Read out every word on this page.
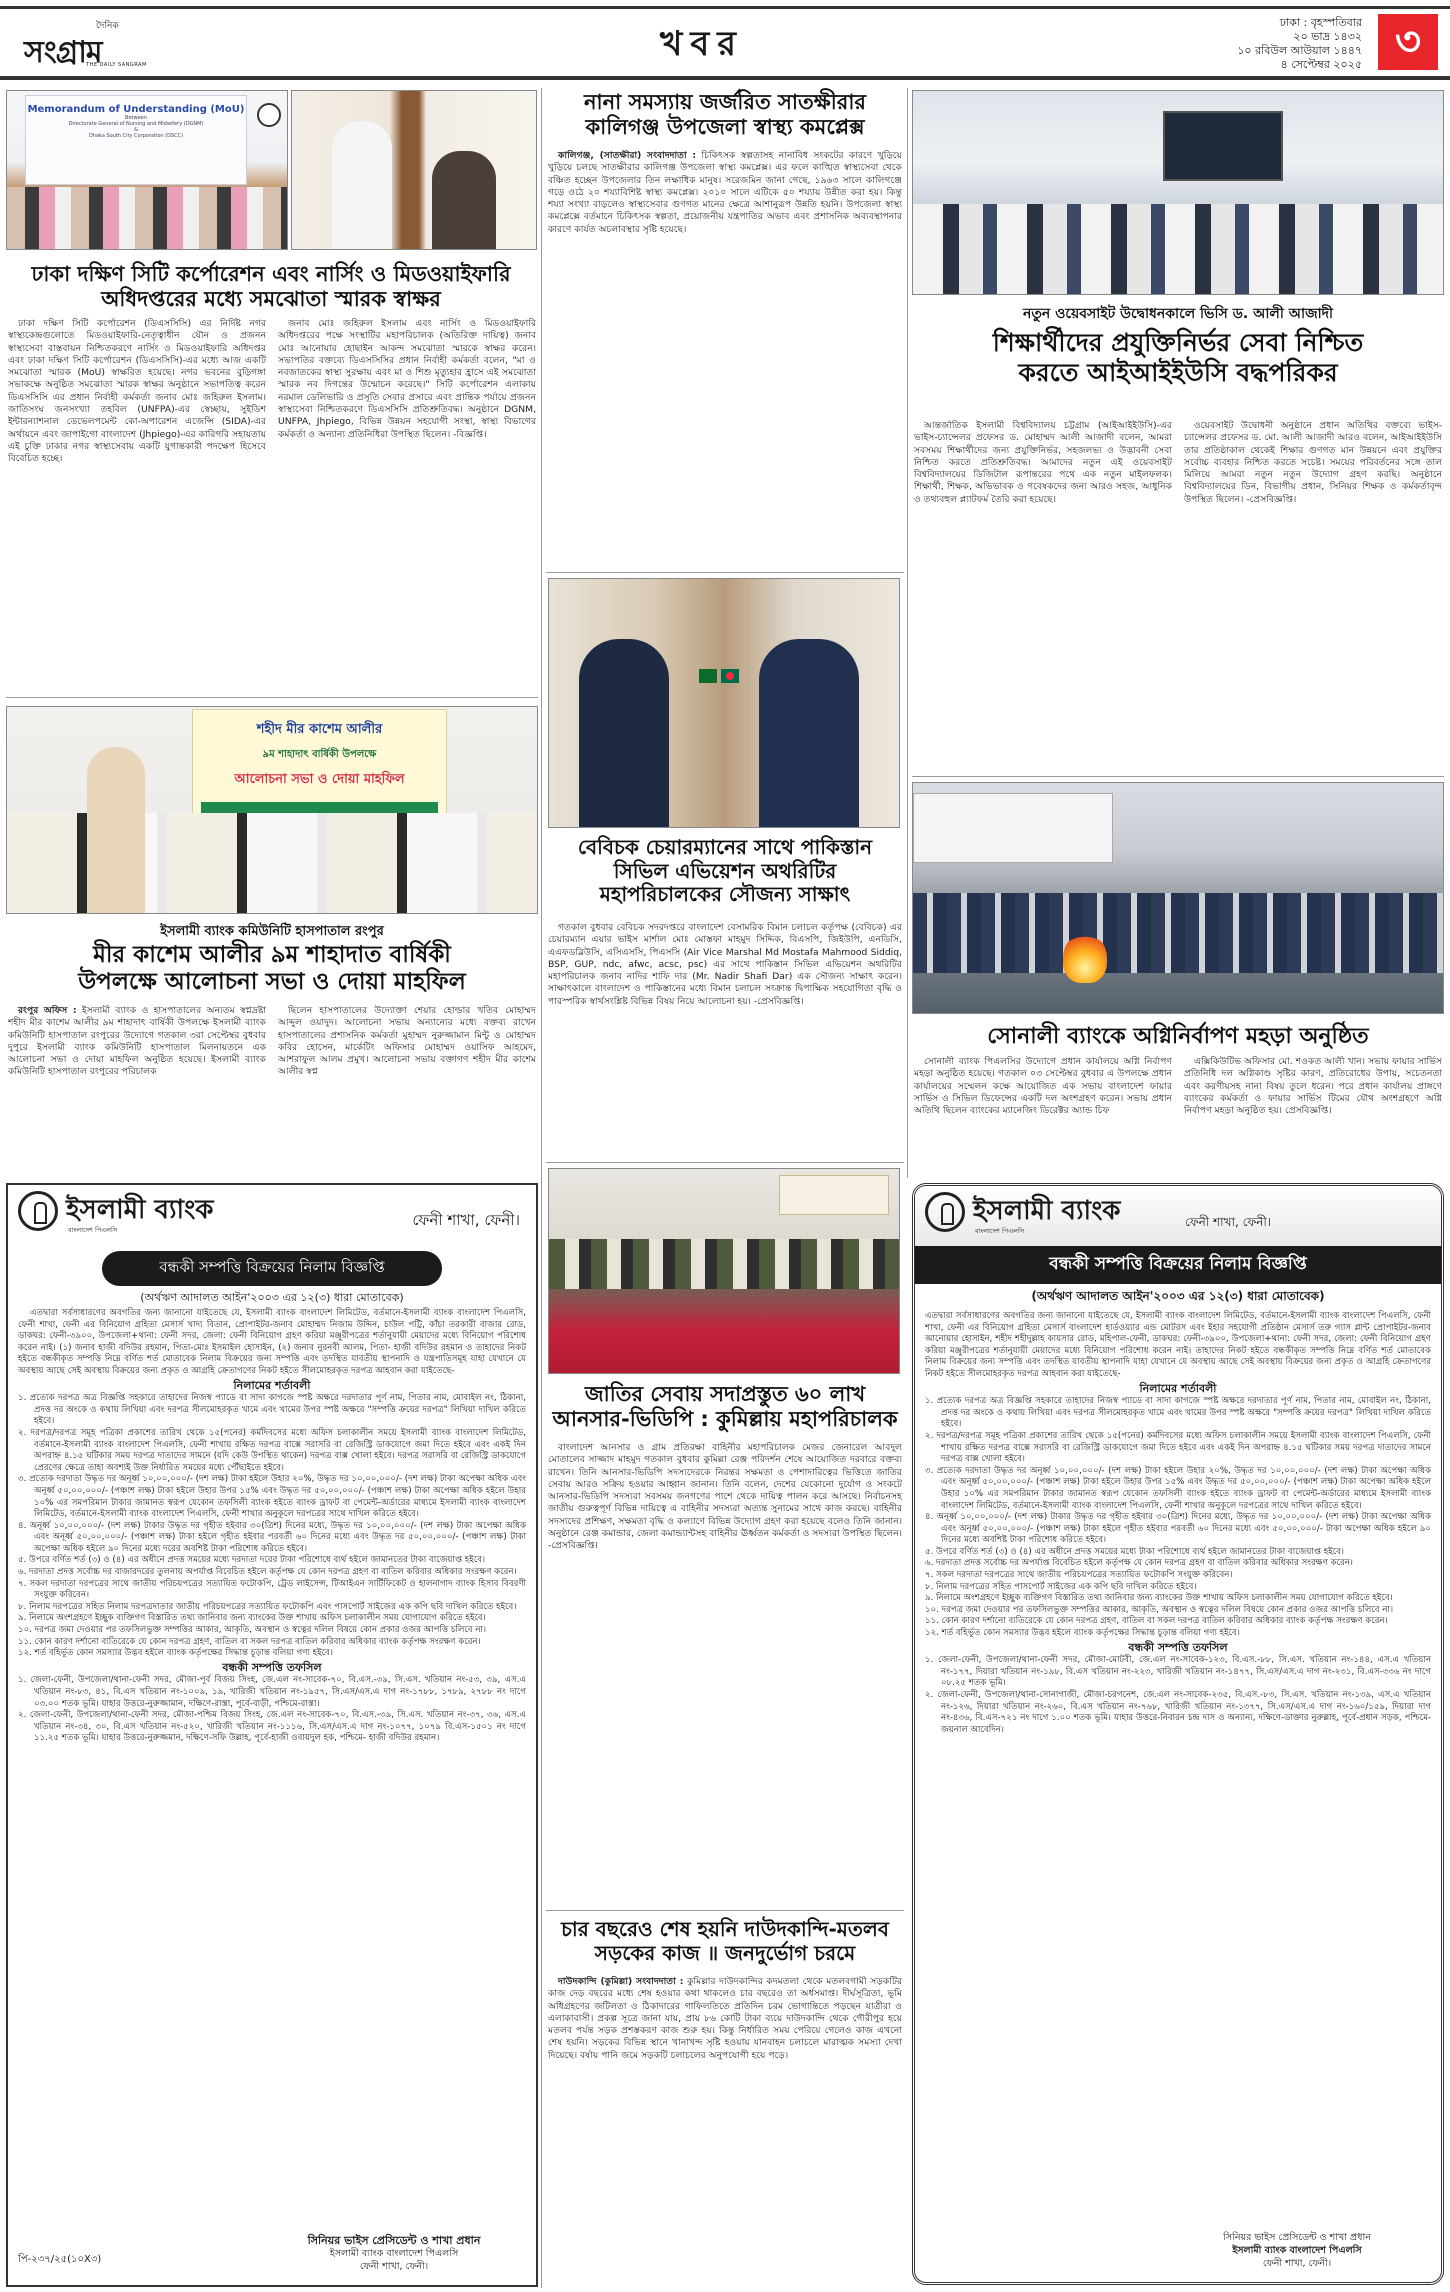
দৈনিক
সংগ্রাম
THE DAILY SANGRAM
খবর
ঢাকা : বৃহস্পতিবার
২০ ভাদ্র ১৪৩২
১০ রবিউল আউয়াল ১৪৪৭
৪ সেপ্টেম্বর ২০২৫ ৩
Memorandum of Understanding (MoU)
Between
Directorate General of Nursing and Midwifery (DGNM)
&
Dhaka South City Corporation (DSCC)
ঢাকা দক্ষিণ সিটি কর্পোরেশন এবং নার্সিং ও মিডওয়াইফারি
অধিদপ্তরের মধ্যে সমঝোতা স্মারক স্বাক্ষর

ঢাকা দক্ষিণ সিটি কর্পোরেশন (ডিএসসিসি) এর নির্দিষ্ট নগর স্বাস্থ্যকেন্দ্রগুলোতে মিডওয়াইফারি-নেতৃত্বাধীন যৌন ও প্রজনন স্বাস্থ্যসেবা বাস্তবায়ন নিশ্চিতকরণে নার্সিং ও মিডওয়াইফারি অধিদপ্তর এবং ঢাকা দক্ষিণ সিটি কর্পোরেশন (ডিএসসিসি)-এর মধ্যে আজ একটি সমঝোতা স্মারক (MoU) স্বাক্ষরিত হয়েছে। নগর ভবনের বুড়িগঙ্গা সভাকক্ষে অনুষ্ঠিত সমঝোতা স্মারক স্বাক্ষর অনুষ্ঠানে সভাপতিত্ব করেন ডিএসসিসি এর প্রধান নির্বাহী কর্মকর্তা জনাব মোঃ জহিরুল ইসলাম। জাতিসংঘ জনসংখ্যা তহবিল (UNFPA)-এর স্বেচ্ছায়, সুইডিশ ইন্টারন্যাশনাল ডেভেলপমেন্ট কো-অপারেশন এজেন্সি (SIDA)-এর অর্থায়নে এবং জাপাইগো বাংলাদেশ (Jhpiego)-এর কারিগরি সহায়তায় এই চুক্তি ঢাকার নগর স্বাস্থ্যসেবায় একটি যুগান্তকারী পদক্ষেপ হিসেবে বিবেচিত হচ্ছে।

জনাব মোঃ জহিরুল ইসলাম এবং নার্সিং ও মিডওয়াইফারি অধিদপ্তরের পক্ষে সংস্থাটির মহাপরিচালক (অতিরিক্ত দায়িত্ব) জনাব মোঃ আনোয়ার হোছাইন আকন্দ সমঝোতা স্মারকে স্বাক্ষর করেন। সভাপতির বক্তব্যে ডিএসসিসির প্রধান নির্বাহী কর্মকর্তা বলেন, "মা ও নবজাতকের স্বাস্থ্য সুরক্ষায় এবং মা ও শিশু মৃত্যুহার হ্রাসে এই সমঝোতা স্মারক নব দিগন্তের উন্মোচন করেছে।" সিটি কর্পোরেশন এলাকায় নরমাল ডেলিভারি ও প্রসূতি সেবার প্রসারে এবং প্রান্তিক পর্যায়ে প্রজনন স্বাস্থ্যসেবা নিশ্চিতকরণে ডিএসসিসি প্রতিশ্রুতিবদ্ধ। অনুষ্ঠানে DGNM, UNFPA, Jhpiego, বিভিন্ন উন্নয়ন সহযোগী সংস্থা, স্বাস্থ্য বিভাগের কর্মকর্তা ও অন্যান্য প্রতিনিধিরা উপস্থিত ছিলেন। -বিজ্ঞপ্তি।

শহীদ মীর কাশেম আলীর
৯ম শাহাদাৎ বার্ষিকী উপলক্ষে
আলোচনা সভা ও দোয়া মাহফিল
ইসলামী ব্যাংক কমিউনিটি হাসপাতাল রংপুর
মীর কাশেম আলীর ৯ম শাহাদাত বার্ষিকী
উপলক্ষে আলোচনা সভা ও দোয়া মাহফিল

রংপুর অফিস : ইসলামী ব্যাংক ও হাসপাতালের অন্যতম স্বপ্নদ্রষ্টা শহীদ মীর কাশেম আলীর ৯ম শাহাদাৎ বার্ষিকী উপলক্ষে ইসলামী ব্যাংক কমিউনিটি হাসপাতাল রংপুরের উদ্যোগে গতকাল ৩রা সেপ্টেম্বর বুধবার দুপুরে ইসলামী ব্যাংক কমিউনিটি হাসপাতাল মিলনায়তনে এক আলোচনা সভা ও দোয়া মাহফিল অনুষ্ঠিত হয়েছে। ইসলামী ব্যাংক কমিউনিটি হাসপাতাল রংপুরের পরিচালক

ছিলেন হাসপাতালের উদ্যোক্তা শেয়ার হোল্ডার খতিব মোহাম্মদ আব্দুল ওয়াদুদ। আলোচনা সভায় অন্যান্যের মধ্যে বক্তব্য রাখেন হাসপাতালের প্রশাসনিক কর্মকর্তা মুহাম্মদ নুরুজ্জামান মিন্টু ও মোহাম্মদ কবির হোসেন, মার্কেটিং অফিসার মোহাম্মদ ওয়াসিফ আহমেদ, আশরাফুল আলম প্রমুখ। আলোচনা সভায় বক্তাগণ শহীদ মীর কাশেম আলীর স্বপ্ন

ইসলামী ব্যাংক
বাংলাদেশ পিএলসি
ফেনী শাখা, ফেনী।
বন্ধকী সম্পত্তি বিক্রয়ের নিলাম বিজ্ঞপ্তি
(অর্থঋণ আদালত আইন'২০০৩ এর ১২(৩) ধারা মোতাবেক)

এতদ্বারা সর্বসাধারণের অবগতির জন্য জানানো যাইতেছে যে, ইসলামী ব্যাংক বাংলাদেশ লিমিটেড, বর্তমানে-ইসলামী ব্যাংক বাংলাদেশ পিএলসি, ফেনী শাখা, ফেনী এর বিনিয়োগ গ্রহিতা মেসার্স খাদ্য বিতান, প্রোপাইটর-জনাব মোহাম্মদ নিজাম উদ্দিন, চাউল পট্টি, কাঁচা তরকারী বাজার রোড, ডাকঘর: ফেনী-৩৯০০, উপজেলা+থানা: ফেনী সদর, জেলা: ফেনী বিনিয়োগ গ্রহণ করিয়া মঞ্জুরীপত্রের শর্তানুযায়ী মেয়াদের মধ্যে বিনিয়োগ পরিশোধ করেন নাই। (১) জনাব হাজী বদিউর রহমান, পিতা-মোঃ ইসমাইল হোসাইন, (২) জনাব নুরনবী আলম, পিতা- হাজী বদিউর রহমান ও তাহাদের নিকট হইতে বন্ধকীকৃত সম্পত্তি নিম্নে বর্ণিত শর্ত মোতাবেক নিলাম বিক্রয়ের জন্য সম্পত্তি এবং তদস্থিত যাবতীয় স্থাপনাদি ও যন্ত্রপাতিসমূহ যাহা যেখানে যে অবস্থায় আছে সেই অবস্থায় বিক্রয়ের জন্য প্রকৃত ও আগ্রহি ক্রেতাগণের নিকট হইতে সীলমোহরকৃত দরপত্র আহবান করা যাইতেছে-

নিলামের শর্তাবলী
১. প্রত্যেক দরপত্র অত্র বিজ্ঞপ্তি সহকারে তাহাদের নিজস্ব প্যাডে বা সাদা কাগজে স্পষ্ট অক্ষরে দরদাতার পূর্ণ নাম, পিতার নাম, মোবাইল নং, ঠিকানা, প্রদত্ত দর অংকে ও কথায় লিখিয়া এবং দরপত্র সীলমোহরকৃত খামে এবং খামের উপর স্পষ্ট অক্ষরে "সম্পত্তি ক্রয়ের দরপত্র" লিখিয়া দাখিল করিতে হইবে।
২. দরপত্র/দরপত্র সমূহ পত্রিকা প্রকাশের তারিখ থেকে ১৫(পনের) কর্মদিবসের মধ্যে অফিস চলাকালীন সময়ে ইসলামী ব্যাংক বাংলাদেশ লিমিটেড, বর্তমানে-ইসলামী ব্যাংক বাংলাদেশ পিএলসি, ফেনী শাখায় রক্ষিত দরপত্র বাক্সে সরাসরি বা রেজিস্ট্রি ডাকযোগে জমা দিতে হইবে এবং একই দিন অপরাহ্ন ৪.১৫ ঘটিকার সময় দরপত্র দাতাদের সামনে (যদি কেউ উপস্থিত থাকেন) দরপত্র বাক্স খোলা হইবে। দরপত্র সরাসরি বা রেজিস্ট্রি ডাকযোগে প্রেরণের ক্ষেত্রে তাহা অবশ্যই উক্ত নির্ধারিত সময়ের মধ্যে পৌঁছাইতে হইবে।
৩. প্রত্যেক দরদাতা উদ্ধৃত দর অনূর্ধ্ব ১০,০০,০০০/- (দশ লক্ষ) টাকা হইলে উহার ২০%, উদ্ধৃত দর ১০,০০,০০০/- (দশ লক্ষ) টাকা অপেক্ষা অধিক এবং অনূর্ধ্ব ৫০,০০,০০০/- (পঞ্চাশ লক্ষ) টাকা হইলে উহার উপর ১৫% এবং উদ্ধৃত দর ৫০,০০,০০০/- (পঞ্চাশ লক্ষ) টাকা অপেক্ষা অধিক হইলে উহার ১০% এর সমপরিমান টাকার জামানত স্বরূপ যেকোন তফসিলী ব্যাংক হইতে ব্যাংক ড্রাফট বা পেমেন্ট-অর্ডারের মাধ্যমে ইসলামী ব্যাংক বাংলাদেশ লিমিটেড, বর্তমানে-ইসলামী ব্যাংক বাংলাদেশ পিএলসি, ফেনী শাখার অনুকূলে দরপত্রের সাথে দাখিল করিতে হইবে।
৪. অনূর্ধ্ব ১০,০০,০০০/- (দশ লক্ষ) টাকার উদ্ধৃত দর গৃহীত হইবার ৩০(ত্রিশ) দিনের মধ্যে, উদ্ধৃত দর ১০,০০,০০০/- (দশ লক্ষ) টাকা অপেক্ষা অধিক এবং অনূর্ধ্ব ৫০,০০,০০০/- (পঞ্চাশ লক্ষ) টাকা হইলে গৃহীত হইবার পরবর্তী ৬০ দিনের মধ্যে এবং উদ্ধৃত দর ৫০,০০,০০০/- (পঞ্চাশ লক্ষ) টাকা অপেক্ষা অধিক হইলে ৯০ দিনের মধ্যে দরের অবশিষ্ট টাকা পরিশোধ করিতে হইবে।
৫. উপরে বর্ণিত শর্ত (৩) ও (৪) এর অধীনে প্রদত্ত সময়ের মধ্যে দরদাতা দরের টাকা পরিশোধে ব্যর্থ হইলে জামানতের টাকা বাজেয়াপ্ত হইবে।
৬. দরদাতা প্রদত্ত সর্বোচ্চ দর বাজারদরের তুলনায় অপর্যাপ্ত বিবেচিত হইলে কর্তৃপক্ষ যে কোন দরপত্র গ্রহণ বা বাতিল করিবার অধিকার সংরক্ষণ করেন।
৭. সকল দরদাতা দরপত্রের সাথে জাতীয় পরিচয়পত্রের সত্যায়িত ফটোকপি, ট্রেড লাইসেন্স, টিআইএন সার্টিফিকেট ও হালনাগাদ ব্যাংক হিসাব বিবরণী সংযুক্ত করিবেন।
৮. নিলাম দরপত্রের সহিত নিলাম দরপত্রদাতার জাতীয় পরিচয়পত্রের সত্যায়িত ফটোকপি এবং পাসপোর্ট সাইজের এক কপি ছবি দাখিল করিতে হইবে।
৯. নিলামে অংশগ্রহণে ইচ্ছুক ব্যক্তিগণ বিস্তারিত তথ্য জানিবার জন্য ব্যাংকের উক্ত শাখায় অফিস চলাকালীন সময় যোগাযোগ করিতে হইবে।
১০. দরপত্র জমা দেওয়ার পর তফসিলভুক্ত সম্পত্তির আকার, আকৃতি, অবস্থান ও স্বত্বের দলিল বিষয়ে কোন প্রকার ওজর আপত্তি চলিবে না।
১১. কোন কারণ দর্শানো ব্যতিরেকে যে কোন দরপত্র গ্রহণ, বাতিল বা সকল দরপত্র বাতিল করিবার অধিকার ব্যাংক কর্তৃপক্ষ সংরক্ষণ করেন।
১২. শর্ত বহির্ভূত কোন সমস্যার উদ্ভব হইলে ব্যাংক কর্তৃপক্ষের সিদ্ধান্ত চূড়ান্ত বলিয়া গণ্য হইবে।
বন্ধকী সম্পত্তি তফসিল
১. জেলা-ফেনী, উপজেলা/থানা-ফেনী সদর, মৌজা-পূর্ব বিজয় সিংহ, জে.এল নং-সাবেক-৭০, বি.এস.-৩৯, সি.এস. খতিয়ান নং-৫৩, ৩৯, এস.এ খতিয়ান নং-৮৩, ৪১, বি.এস খতিয়ান নং-১০০৯, ১৯, খারিজী খতিয়ান নং-১৯৫৭, সি.এস/এস.এ দাগ নং-১৭৮৮, ১৭৮৯, ২৭৮৮ নং দাগে ০৩.০০ শতক ভূমি। যাহার উত্তরে-নুরুজ্জামান, দক্ষিণে-রাস্তা, পূর্বে-বাড়ী, পশ্চিমে-রাস্তা।
২. জেলা-ফেনী, উপজেলা/থানা-ফেনী সদর, মৌজা-পশ্চিম বিজয় সিংহ, জে.এল নং-সাবেক-৭০, বি.এস.-৩৯, সি.এস. খতিয়ান নং-৩৭, ৩৬, এস.এ খতিয়ান নং-৩৪, ৩০, বি.এস খতিয়ান নং-৫২০, খারিজী খতিয়ান নং-১১১৬, সি.এস/এস.এ দাগ নং-১০৭৭, ১০৭৯ বি.এস-১৫০১ নং দাগে ১১.২৫ শতক ভূমি। যাহার উত্তরে-নুরুজ্জমান, দক্ষিণে-সফি উল্লাহ, পূর্বে-হাজী ওবায়দুল হক, পশ্চিমে- হাজী বদিউর রহমান।
সিনিয়র ভাইস প্রেসিডেন্ট ও শাখা প্রধান
ইসলামী ব্যাংক বাংলাদেশ পিএলসি
ফেনী শাখা, ফেনী।
পি-২৩৭/২৫(১০X৩)
নানা সমস্যায় জর্জরিত সাতক্ষীরার
কালিগঞ্জ উপজেলা স্বাস্থ্য কমপ্লেক্স

কালিগঞ্জ, (সাতক্ষীরা) সংবাদদাতা : চিকিৎসক স্বল্পতাসহ নানাবিধ সংকটের কারণে খুড়িয়ে খুড়িয়ে চলছে সাতক্ষীরার কালিগঞ্জ উপজেলা স্বাস্থ্য কমপ্লেক্স। এর ফলে কাঙ্খিত স্বাস্থ্যসেবা থেকে বঞ্চিত হচ্ছেন উপজেলার তিন লক্ষাধিক মানুষ। সরেজমিন জানা গেছে, ১৯৬৩ সালে কালিগঞ্জে গড়ে ওঠে ২০ শয্যাবিশিষ্ট স্বাস্থ্য কমপ্লেক্স। ২০১০ সালে এটিকে ৫০ শয্যায় উন্নীত করা হয়। কিন্তু শয্যা সংখ্যা বাড়লেও স্বাস্থ্যসেবার গুণগত মানের ক্ষেত্রে আশানুরূপ উন্নতি হয়নি। উপজেলা স্বাস্থ্য কমপ্লেক্সে বর্তমানে চিকিৎসক স্বল্পতা, প্রয়োজনীয় যন্ত্রপাতির অভাব এবং প্রশাসনিক অব্যবস্থাপনার কারণে কার্যত অচলাবস্থার সৃষ্টি হয়েছে।

বেবিচক চেয়ারম্যানের সাথে পাকিস্তান
সিভিল এভিয়েশন অথরিটির
মহাপরিচালকের সৌজন্য সাক্ষাৎ

গতকাল বুধবার বেবিচক সদরদপ্তরে বাংলাদেশ বেসামরিক বিমান চলাচল কর্তৃপক্ষ (বেবিচক) এর চেয়ারম্যান এয়ার ভাইস মার্শাল মোঃ মোস্তফা মাহমুদ সিদ্দিক, বিএসপি, জিইউপি, এনডিসি, এএফডব্লিউসি, এসিএসসি, পিএসসি (Air Vice Marshal Md Mostafa Mahmood Siddiq, BSP, GUP, ndc, afwc, acsc, psc) এর সাথে পাকিস্তান সিভিল এভিয়েশন অথরিটির মহাপরিচালক জনাব নাদির শাফি দার (Mr. Nadir Shafi Dar) এক সৌজন্য সাক্ষাৎ করেন। সাক্ষাৎকালে বাংলাদেশ ও পাকিস্তানের মধ্যে বিমান চলাচল সংক্রান্ত দ্বিপাক্ষিক সহযোগিতা বৃদ্ধি ও পারস্পরিক স্বার্থসংশ্লিষ্ট বিভিন্ন বিষয় নিয়ে আলোচনা হয়। -প্রেসবিজ্ঞপ্তি।

জাতির সেবায় সদাপ্রস্তুত ৬০ লাখ
আনসার-ভিডিপি : কুমিল্লায় মহাপরিচালক

বাংলাদেশ আনসার ও গ্রাম প্রতিরক্ষা বাহিনীর মহাপরিচালক মেজর জেনারেল আবদুল মোতালেব সাজ্জাদ মাহমুদ গতকাল বুধবার কুমিল্লা রেঞ্জ পরিদর্শন শেষে আয়োজিত দরবারে বক্তব্য রাখেন। তিনি আনসার-ভিডিপি সদস্যদেরকে নিরন্তর সক্ষমতা ও পেশাদারিত্বের ভিত্তিতে জাতির সেবায় আরও সক্রিয় হওয়ার আহ্বান জানান। তিনি বলেন, দেশের যেকোনো দুর্যোগ ও সংকটে আনসার-ভিডিপি সদস্যরা সবসময় জনগণের পাশে থেকে দায়িত্ব পালন করে আসছে। নির্বাচনসহ জাতীয় গুরুত্বপূর্ণ বিভিন্ন দায়িত্বে এ বাহিনীর সদস্যরা অত্যন্ত সুনামের সাথে কাজ করছে। বাহিনীর সদস্যদের প্রশিক্ষণ, সক্ষমতা বৃদ্ধি ও কল্যাণে বিভিন্ন উদ্যোগ গ্রহণ করা হয়েছে বলেও তিনি জানান। অনুষ্ঠানে রেঞ্জ কমান্ডার, জেলা কমান্ড্যান্টসহ বাহিনীর ঊর্ধ্বতন কর্মকর্তা ও সদস্যরা উপস্থিত ছিলেন। -প্রেসবিজ্ঞপ্তি।

চার বছরেও শেষ হয়নি দাউদকান্দি-মতলব
সড়কের কাজ ॥ জনদুর্ভোগ চরমে

দাউদকান্দি (কুমিল্লা) সংবাদদাতা : কুমিল্লার দাউদকান্দির কদমতলা থেকে মতলবগামী সড়কটির কাজ দেড় বছরের মধ্যে শেষ হওয়ার কথা থাকলেও চার বছরেও তা অর্ধসমাপ্ত। দীর্ঘসূত্রিতা, ভূমি অধিগ্রহণের জটিলতা ও ঠিকাদারের গাফিলতিতে প্রতিদিন চরম ভোগান্তিতে পড়ছেন যাত্রীরা ও এলাকাবাসী। প্রকল্প সূত্রে জানা যায়, প্রায় ৮৬ কোটি টাকা ব্যয়ে দাউদকান্দি থেকে গৌরীপুর হয়ে মতলব পর্যন্ত সড়ক প্রশস্তকরণ কাজ শুরু হয়। কিন্তু নির্ধারিত সময় পেরিয়ে গেলেও কাজ এখনো শেষ হয়নি। সড়কের বিভিন্ন স্থানে খানাখন্দ সৃষ্টি হওয়ায় যানবাহন চলাচলে মারাত্মক সমস্যা দেখা দিয়েছে। বর্ষায় পানি জমে সড়কটি চলাচলের অনুপযোগী হয়ে পড়ে।

নতুন ওয়েবসাইট উদ্বোধনকালে ভিসি ড. আলী আজাদী
শিক্ষার্থীদের প্রযুক্তিনির্ভর সেবা নিশ্চিত
করতে আইআইইউসি বদ্ধপরিকর

আন্তর্জাতিক ইসলামী বিশ্ববিদ্যালয় চট্টগ্রাম (আইআইইউসি)-এর ভাইস-চ্যান্সেলর প্রফেসর ড. মোহাম্মদ আলী আজাদী বলেন, আমরা সবসময় শিক্ষার্থীদের জন্য প্রযুক্তিনির্ভর, সহজলভ্য ও উদ্ভাবনী সেবা নিশ্চিত করতে প্রতিশ্রুতিবদ্ধ। আমাদের নতুন এই ওয়েবসাইট বিশ্ববিদ্যালয়ের ডিজিটাল রূপান্তরের পথে এক নতুন মাইলফলক। শিক্ষার্থী, শিক্ষক, অভিভাবক ও গবেষকদের জন্য আরও সহজ, আধুনিক ও তথ্যবহুল প্ল্যাটফর্ম তৈরি করা হয়েছে।

ওয়েবসাইট উদ্বোধনী অনুষ্ঠানে প্রধান অতিথির বক্তব্যে ভাইস-চ্যান্সেলর প্রফেসর ড. মো. আলী আজাদী আরও বলেন, আইআইইউসি তার প্রতিষ্ঠাকাল থেকেই শিক্ষার গুণগত মান উন্নয়নে এবং প্রযুক্তির সর্বোচ্চ ব্যবহার নিশ্চিত করতে সচেষ্ট। সময়ের পরিবর্তনের সঙ্গে তাল মিলিয়ে আমরা নতুন নতুন উদ্যোগ গ্রহণ করছি। অনুষ্ঠানে বিশ্ববিদ্যালয়ের ডিন, বিভাগীয় প্রধান, সিনিয়র শিক্ষক ও কর্মকর্তাবৃন্দ উপস্থিত ছিলেন। -প্রেসবিজ্ঞপ্তি।

সোনালী ব্যাংকে অগ্নিনির্বাপণ মহড়া অনুষ্ঠিত

সোনালী ব্যাংক পিএলসির উদ্যোগে প্রধান কার্যালয়ে অগ্নি নির্বাপণ মহড়া অনুষ্ঠিত হয়েছে। গতকাল ০৩ সেপ্টেম্বর বুধবার এ উপলক্ষে প্রধান কার্যালয়ের সম্মেলন কক্ষে আয়োজিত এক সভায় বাংলাদেশ ফায়ার সার্ভিস ও সিভিল ডিফেন্সের একটি দল অংশগ্রহণ করেন। সভায় প্রধান অতিথি ছিলেন ব্যাংকের ম্যানেজিং ডিরেক্টর অ্যান্ড চিফ

এক্সিকিউটিভ অফিসার মো. শওকত আলী খান। সভায় ফায়ার সার্ভিস প্রতিনিধি দল অগ্নিকাণ্ড সৃষ্টির কারণ, প্রতিরোধের উপায়, সচেতনতা এবং করণীয়সহ নানা বিষয় তুলে ধরেন। পরে প্রধান কার্যালয় প্রাঙ্গণে ব্যাংকের কর্মকর্তা ও ফায়ার সার্ভিস টিমের যৌথ অংশগ্রহণে অগ্নি নির্বাপণ মহড়া অনুষ্ঠিত হয়। প্রেসবিজ্ঞপ্তি।

ইসলামী ব্যাংক
বাংলাদেশ পিএলসি
ফেনী শাখা, ফেনী।
বন্ধকী সম্পত্তি বিক্রয়ের নিলাম বিজ্ঞপ্তি
(অর্থঋণ আদালত আইন'২০০৩ এর ১২(৩) ধারা মোতাবেক)

এতদ্বারা সর্বসাধারণের অবগতির জন্য জানানো যাইতেছে যে, ইসলামী ব্যাংক বাংলাদেশ লিমিটেড, বর্তমানে-ইসলামী ব্যাংক বাংলাদেশ পিএলসি, ফেনী শাখা, ফেনী এর বিনিয়োগ গ্রহিতা মেসার্স বাংলাদেশ হার্ডওয়্যার এন্ড মোটরস এবং ইহার সহযোগী প্রতিষ্ঠান মেসার্স তরু গ্যাস প্লান্ট প্রোপাইটর-জনাব আনোয়ার হোসাইন, শহীদ শহীদুল্লাহ কায়সার রোড, মহিপাল-ফেনী, ডাকঘর: ফেনী-৩৯০০, উপজেলা+থানা: ফেনী সদর, জেলা: ফেনী বিনিয়োগ গ্রহণ করিয়া মঞ্জুরীপত্রের শর্তানুযায়ী মেয়াদের মধ্যে বিনিয়োগ পরিশোধ করেন নাই। তাহাদের নিকট হইতে বন্ধকীকৃত সম্পত্তি নিম্নে বর্ণিত শর্ত মোতাবেক নিলাম বিক্রয়ের জন্য সম্পত্তি এবং তদস্থিত যাবতীয় স্থাপনাদি যাহা যেখানে যে অবস্থায় আছে সেই অবস্থায় বিক্রয়ের জন্য প্রকৃত ও আগ্রহি ক্রেতাগণের নিকট হইতে সীলমোহরকৃত দরপত্র আহবান করা যাইতেছে-

নিলামের শর্তাবলী
১. প্রত্যেক দরপত্র অত্র বিজ্ঞপ্তি সহকারে তাহাদের নিজস্ব প্যাডে বা সাদা কাগজে স্পষ্ট অক্ষরে দরদাতার পূর্ণ নাম, পিতার নাম, মোবাইল নং, ঠিকানা, প্রদত্ত দর অংকে ও কথায় লিখিয়া এবং দরপত্র সীলমোহরকৃত খামে এবং খামের উপর স্পষ্ট অক্ষরে "সম্পত্তি ক্রয়ের দরপত্র" লিখিয়া দাখিল করিতে হইবে।
২. দরপত্র/দরপত্র সমূহ পত্রিকা প্রকাশের তারিখ থেকে ১৫(পনের) কর্মদিবসের মধ্যে অফিস চলাকালীন সময়ে ইসলামী ব্যাংক বাংলাদেশ পিএলসি, ফেনী শাখায় রক্ষিত দরপত্র বাক্সে সরাসরি বা রেজিস্ট্রি ডাকযোগে জমা দিতে হইবে এবং একই দিন অপরাহ্ন ৪.১৫ ঘটিকার সময় দরপত্র দাতাদের সামনে দরপত্র বাক্স খোলা হইবে।
৩. প্রত্যেক দরদাতা উদ্ধৃত দর অনূর্ধ্ব ১০,০০,০০০/- (দশ লক্ষ) টাকা হইলে উহার ২০%, উদ্ধৃত দর ১০,০০,০০০/- (দশ লক্ষ) টাকা অপেক্ষা অধিক এবং অনূর্ধ্ব ৫০,০০,০০০/- (পঞ্চাশ লক্ষ) টাকা হইলে উহার উপর ১৫% এবং উদ্ধৃত দর ৫০,০০,০০০/- (পঞ্চাশ লক্ষ) টাকা অপেক্ষা অধিক হইলে উহার ১০% এর সমপরিমান টাকার জামানত স্বরূপ যেকোন তফসিলী ব্যাংক হইতে ব্যাংক ড্রাফট বা পেমেন্ট-অর্ডারের মাধ্যমে ইসলামী ব্যাংক বাংলাদেশ লিমিটেড, বর্তমানে-ইসলামী ব্যাংক বাংলাদেশ পিএলসি, ফেনী শাখার অনুকূলে দরপত্রের সাথে দাখিল করিতে হইবে।
৪. অনূর্ধ্ব ১০,০০,০০০/- (দশ লক্ষ) টাকার উদ্ধৃত দর গৃহীত হইবার ৩০(ত্রিশ) দিনের মধ্যে, উদ্ধৃত দর ১০,০০,০০০/- (দশ লক্ষ) টাকা অপেক্ষা অধিক এবং অনূর্ধ্ব ৫০,০০,০০০/- (পঞ্চাশ লক্ষ) টাকা হইলে গৃহীত হইবার পরবর্তী ৬০ দিনের মধ্যে এবং ৫০,০০,০০০/- টাকা অপেক্ষা অধিক হইলে ৯০ দিনের মধ্যে অবশিষ্ট টাকা পরিশোধ করিতে হইবে।
৫. উপরে বর্ণিত শর্ত (৩) ও (৪) এর অধীনে প্রদত্ত সময়ের মধ্যে টাকা পরিশোধে ব্যর্থ হইলে জামানতের টাকা বাজেয়াপ্ত হইবে।
৬. দরদাতা প্রদত্ত সর্বোচ্চ দর অপর্যাপ্ত বিবেচিত হইলে কর্তৃপক্ষ যে কোন দরপত্র গ্রহণ বা বাতিল করিবার অধিকার সংরক্ষণ করেন।
৭. সকল দরদাতা দরপত্রের সাথে জাতীয় পরিচয়পত্রের সত্যায়িত ফটোকপি সংযুক্ত করিবেন।
৮. নিলাম দরপত্রের সহিত পাসপোর্ট সাইজের এক কপি ছবি দাখিল করিতে হইবে।
৯. নিলামে অংশগ্রহণে ইচ্ছুক ব্যক্তিগণ বিস্তারিত তথ্য জানিবার জন্য ব্যাংকের উক্ত শাখায় অফিস চলাকালীন সময় যোগাযোগ করিতে হইবে।
১০. দরপত্র জমা দেওয়ার পর তফসিলভুক্ত সম্পত্তির আকার, আকৃতি, অবস্থান ও স্বত্বের দলিল বিষয়ে কোন প্রকার ওজর আপত্তি চলিবে না।
১১. কোন কারণ দর্শানো ব্যতিরেকে যে কোন দরপত্র গ্রহণ, বাতিল বা সকল দরপত্র বাতিল করিবার অধিকার ব্যাংক কর্তৃপক্ষ সংরক্ষণ করেন।
১২. শর্ত বহির্ভূত কোন সমস্যার উদ্ভব হইলে ব্যাংক কর্তৃপক্ষের সিদ্ধান্ত চূড়ান্ত বলিয়া গণ্য হইবে।
বন্ধকী সম্পত্তি তফসিল
১. জেলা-ফেনী, উপজেলা/থানা-ফেনী সদর, মৌজা-মোটবী, জে.এল নং-সাবেক-১২৩, বি.এস.-৮৮, সি.এস. খতিয়ান নং-১৪৪, এস.এ খতিয়ান নং-১৭৭, দিয়ারা খতিয়ান নং-১৯৮, বি.এস খতিয়ান নং-২২৩, খারিজী খতিয়ান নং-১৪৭৭, সি.এস/এস.এ দাগ নং-২৩১, বি.এস-৩৩৬ নং দাগে ০৮.২৫ শতক ভূমি।
২. জেলা-ফেনী, উপজেলা/থানা-সোনাগাজী, মৌজা-চরগনেশ, জে.এল নং-সাবেক-২৩৫, বি.এস.-৮৩, সি.এস. খতিয়ান নং-১৩৯, এস.এ খতিয়ান নং-১২৬, দিয়ারা খতিয়ান নং-২৬০, বি.এস খতিয়ান নং-৭৬৮, খারিজী খতিয়ান নং-১৩৭৭, সি.এস/এস.এ দাগ নং-১৬০/১৫৯, দিয়ারা দাগ নং-৪৩৬, বি.এস-৭২১ নং দাগে ১.০০ শতক ভূমি। যাহার উত্তরে-নিবারন চন্দ্র দাস ও অন্যান্য, দক্ষিণে-ডাক্তার নুরুল্লাহ, পূর্বে-প্রধান সড়ক, পশ্চিমে- জয়নাল আবেদিন।
সিনিয়র ভাইস প্রেসিডেন্ট ও শাখা প্রধান
ইসলামী ব্যাংক বাংলাদেশ পিএলসি
ফেনী শাখা, ফেনী।
